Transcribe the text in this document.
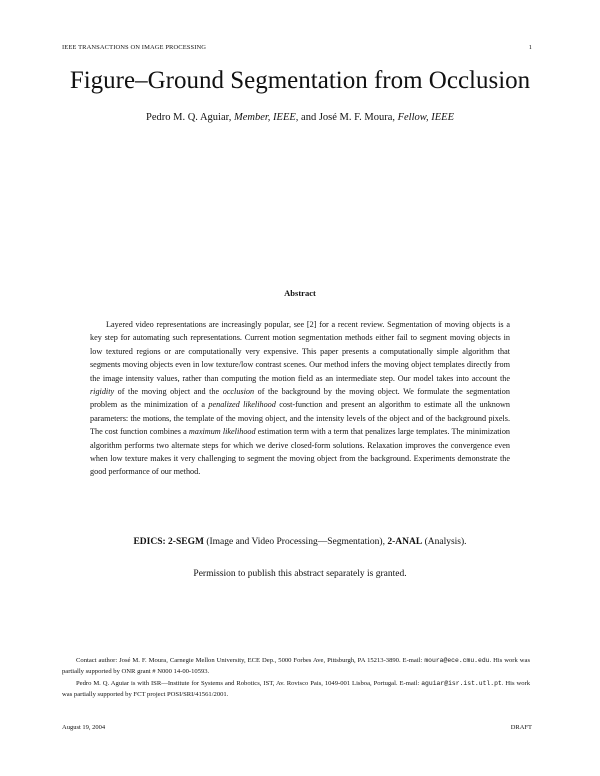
IEEE TRANSACTIONS ON IMAGE PROCESSING	1
Figure–Ground Segmentation from Occlusion
Pedro M. Q. Aguiar, Member, IEEE, and José M. F. Moura, Fellow, IEEE
Abstract

Layered video representations are increasingly popular, see [2] for a recent review. Segmentation of moving objects is a key step for automating such representations. Current motion segmentation methods either fail to segment moving objects in low textured regions or are computationally very expensive. This paper presents a computationally simple algorithm that segments moving objects even in low texture/low contrast scenes. Our method infers the moving object templates directly from the image intensity values, rather than computing the motion field as an intermediate step. Our model takes into account the rigidity of the moving object and the occlusion of the background by the moving object. We formulate the segmentation problem as the minimization of a penalized likelihood cost-function and present an algorithm to estimate all the unknown parameters: the motions, the template of the moving object, and the intensity levels of the object and of the background pixels. The cost function combines a maximum likelihood estimation term with a term that penalizes large templates. The minimization algorithm performs two alternate steps for which we derive closed-form solutions. Relaxation improves the convergence even when low texture makes it very challenging to segment the moving object from the background. Experiments demonstrate the good performance of our method.

EDICS: 2-SEGM (Image and Video Processing—Segmentation), 2-ANAL (Analysis).
Permission to publish this abstract separately is granted.

Contact author: José M. F. Moura, Carnegie Mellon University, ECE Dep., 5000 Forbes Ave, Pittsburgh, PA 15213-3890. E-mail: moura@ece.cmu.edu. His work was partially supported by ONR grant # N000 14-00-10593.

Pedro M. Q. Aguiar is with ISR—Institute for Systems and Robotics, IST, Av. Rovisco Pais, 1049-001 Lisboa, Portugal. E-mail: aguiar@isr.ist.utl.pt. His work was partially supported by FCT project POSI/SRI/41561/2001.

August 19, 2004	DRAFT
